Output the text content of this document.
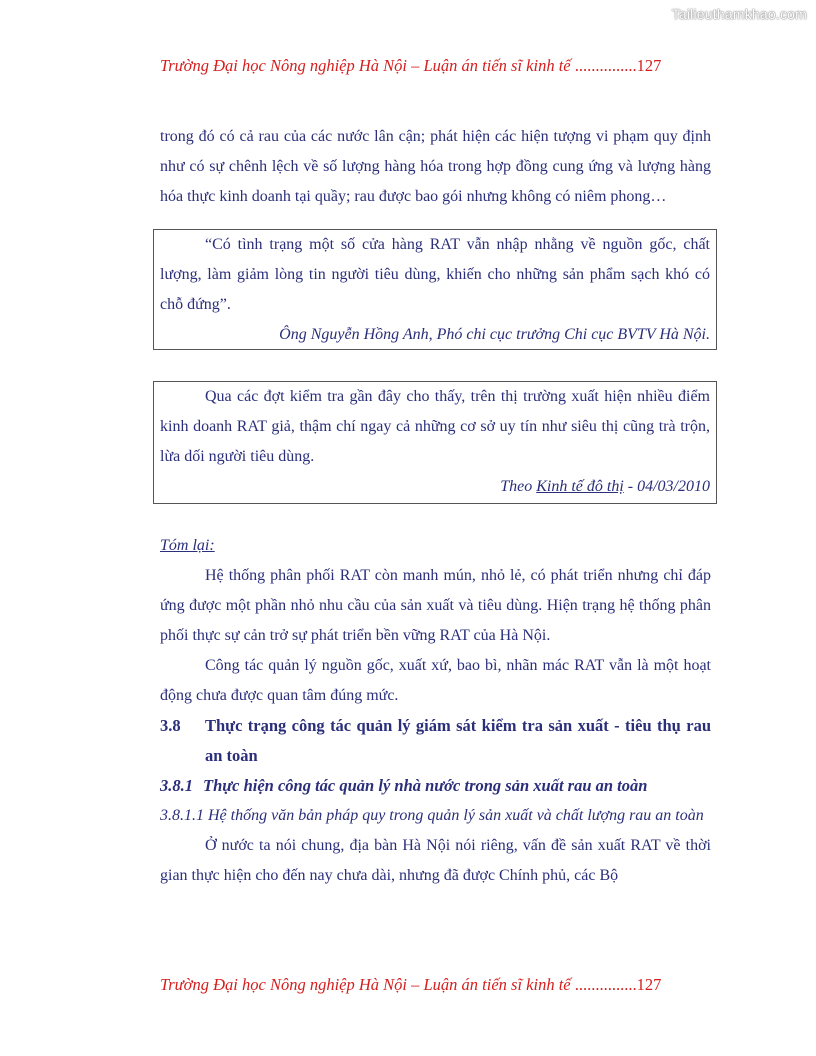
Tailieuthamkhao.com
Trường Đại học Nông nghiệp Hà Nội – Luận án tiến sĩ kinh tế ...............127

trong đó có cả rau của các nước lân cận; phát hiện các hiện tượng vi phạm quy định như có sự chênh lệch về số lượng hàng hóa trong hợp đồng cung ứng và lượng hàng hóa thực kinh doanh tại quầy; rau được bao gói nhưng không có niêm phong…

“Có tình trạng một số cửa hàng RAT vẫn nhập nhằng về nguồn gốc, chất lượng, làm giảm lòng tin người tiêu dùng, khiến cho những sản phẩm sạch khó có chỗ đứng”.

Ông Nguyễn Hồng Anh, Phó chi cục trưởng Chi cục BVTV Hà Nội.

Qua các đợt kiểm tra gần đây cho thấy, trên thị trường xuất hiện nhiều điểm kinh doanh RAT giả, thậm chí ngay cả những cơ sở uy tín như siêu thị cũng trà trộn, lừa dối người tiêu dùng.

Theo Kinh tế đô thị - 04/03/2010
Tóm lại:

Hệ thống phân phối RAT còn manh mún, nhỏ lẻ, có phát triển nhưng chỉ đáp ứng được một phần nhỏ nhu cầu của sản xuất và tiêu dùng. Hiện trạng hệ thống phân phối thực sự cản trở sự phát triển bền vững RAT của Hà Nội.

Công tác quản lý nguồn gốc, xuất xứ, bao bì, nhãn mác RAT vẫn là một hoạt động chưa được quan tâm đúng mức.

3.8	Thực trạng công tác quản lý giám sát kiểm tra sản xuất - tiêu thụ rau an toàn
3.8.1 Thực hiện công tác quản lý nhà nước trong sản xuất rau an toàn
3.8.1.1 Hệ thống văn bản pháp quy trong quản lý sản xuất và chất lượng rau an toàn

Ở nước ta nói chung, địa bàn Hà Nội nói riêng, vấn đề sản xuất RAT về thời gian thực hiện cho đến nay chưa dài, nhưng đã được Chính phủ, các Bộ

Trường Đại học Nông nghiệp Hà Nội – Luận án tiến sĩ kinh tế ...............127
